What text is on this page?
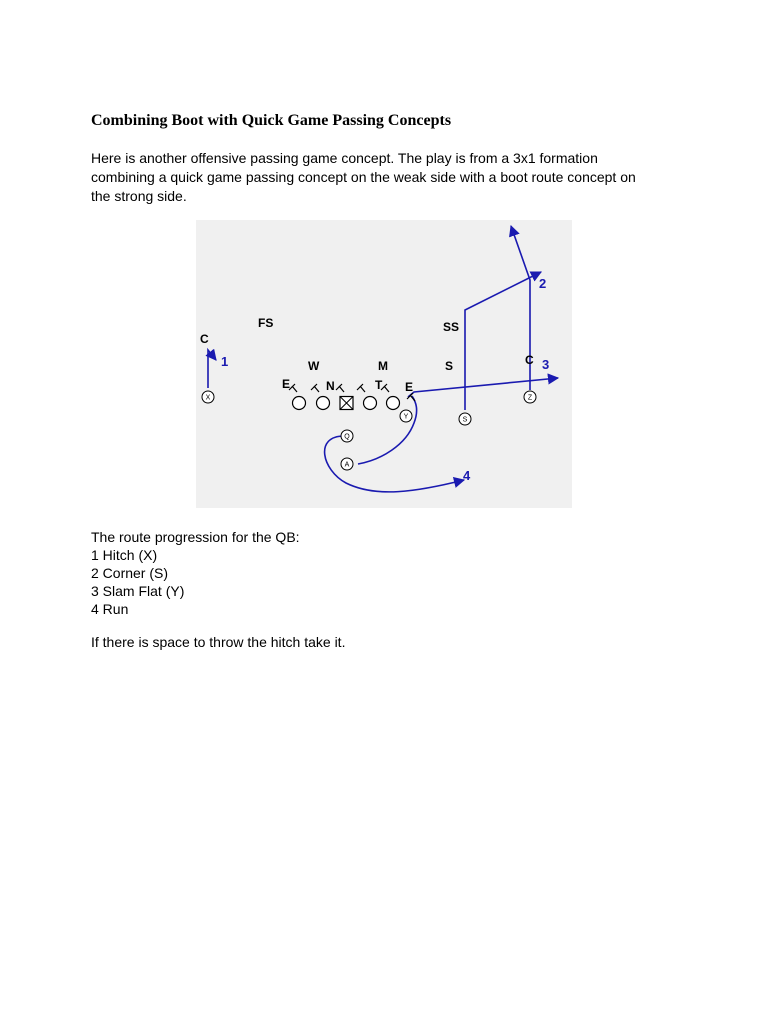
Combining Boot with Quick Game Passing Concepts

Here is another offensive passing game concept. The play is from a 3x1 formation
combining a quick game passing concept on the weak side with a boot route concept on
the strong side.

C
FS	SS
W	M	S
E	N	T E
C
X
Y	S
Z
Q
A
1
2
3
4
The route progression for the QB:
1 Hitch (X)
2 Corner (S)
3 Slam Flat (Y)
4 Run

If there is space to throw the hitch take it.
